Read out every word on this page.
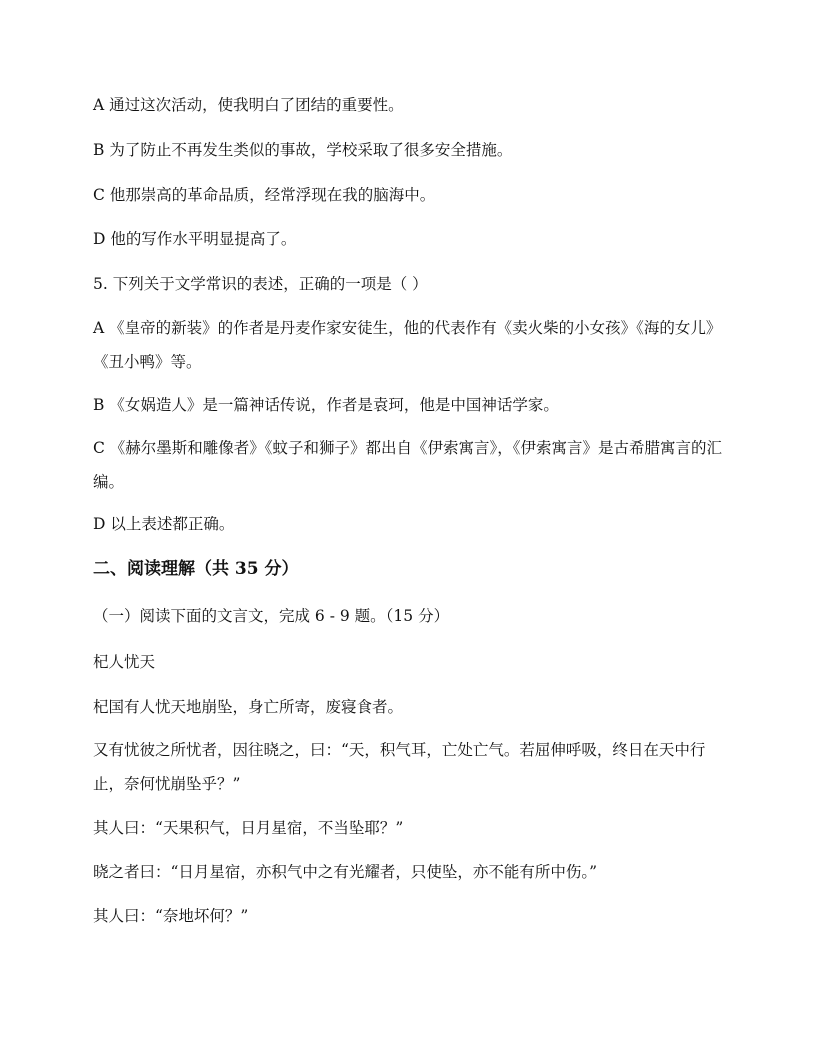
A 通过这次活动，使我明白了团结的重要性。
B 为了防止不再发生类似的事故，学校采取了很多安全措施。
C 他那崇高的革命品质，经常浮现在我的脑海中。
D 他的写作水平明显提高了。
5. 下列关于文学常识的表述，正确的一项是（ ）
A 《皇帝的新装》的作者是丹麦作家安徒生，他的代表作有《卖火柴的小女孩》《海的女儿》《丑小鸭》等。
B 《女娲造人》是一篇神话传说，作者是袁珂，他是中国神话学家。
C 《赫尔墨斯和雕像者》《蚊子和狮子》都出自《伊索寓言》，《伊索寓言》是古希腊寓言的汇编。
D 以上表述都正确。
二、阅读理解（共 35 分）
（一）阅读下面的文言文，完成 6 - 9 题。（15 分）
杞人忧天
杞国有人忧天地崩坠，身亡所寄，废寝食者。
又有忧彼之所忧者，因往晓之，曰：“天，积气耳，亡处亡气。若屈伸呼吸，终日在天中行止，奈何忧崩坠乎？”
其人曰：“天果积气，日月星宿，不当坠耶？”
晓之者曰：“日月星宿，亦积气中之有光耀者，只使坠，亦不能有所中伤。”
其人曰：“奈地坏何？”
